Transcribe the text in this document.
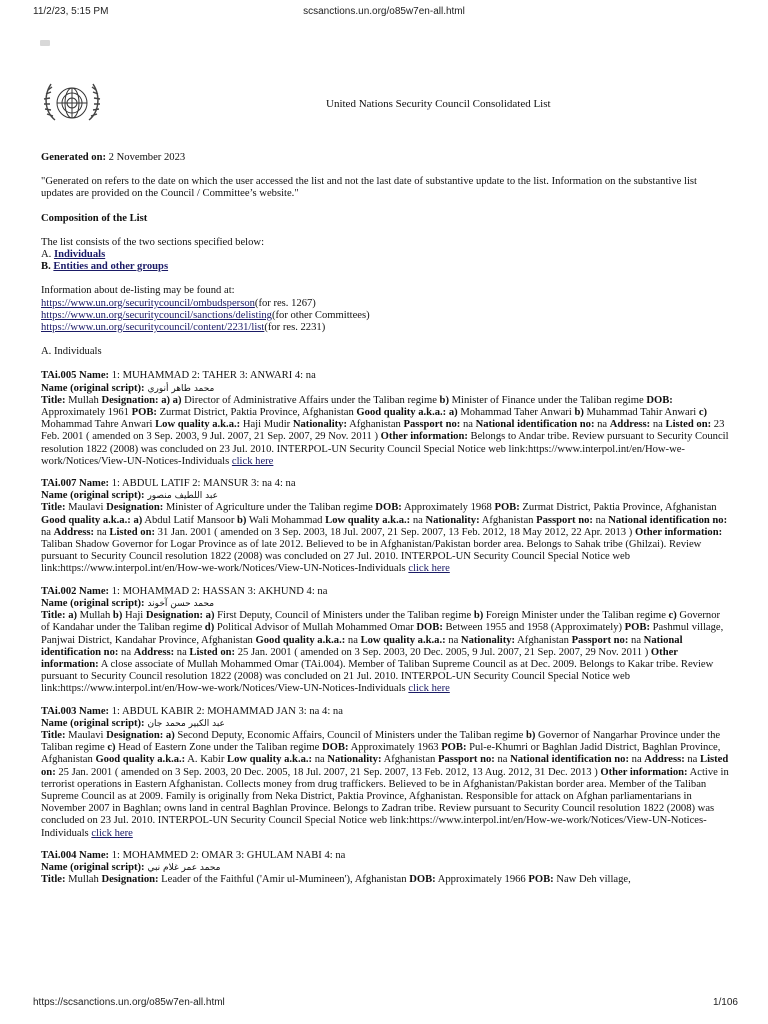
11/2/23, 5:15 PM	scsanctions.un.org/o85w7en-all.html
United Nations Security Council Consolidated List

Generated on: 2 November 2023

"Generated on refers to the date on which the user accessed the list and not the last date of substantive update to the list. Information on the substantive list updates are provided on the Council / Committee’s website."

Composition of the List

The list consists of the two sections specified below:
A. Individuals
B. Entities and other groups
Information about de-listing may be found at:
https://www.un.org/securitycouncil/ombudsperson(for res. 1267)
https://www.un.org/securitycouncil/sanctions/delisting(for other Committees)
https://www.un.org/securitycouncil/content/2231/list(for res. 2231)

A. Individuals

TAi.005 Name: 1: MUHAMMAD 2: TAHER 3: ANWARI 4: na
Name (original script): محمد طاهر أنوري
Title: Mullah Designation: a) a) Director of Administrative Affairs under the Taliban regime b) Minister of Finance under the Taliban regime DOB: Approximately 1961 POB: Zurmat District, Paktia Province, Afghanistan Good quality a.k.a.: a) Mohammad Taher Anwari b) Muhammad Tahir Anwari c) Mohammad Tahre Anwari Low quality a.k.a.: Haji Mudir Nationality: Afghanistan Passport no: na National identification no: na Address: na Listed on: 23 Feb. 2001 ( amended on 3 Sep. 2003, 9 Jul. 2007, 21 Sep. 2007, 29 Nov. 2011 ) Other information: Belongs to Andar tribe. Review pursuant to Security Council resolution 1822 (2008) was concluded on 23 Jul. 2010. INTERPOL-UN Security Council Special Notice web link:https://www.interpol.int/en/How-we-work/Notices/View-UN-Notices-Individuals click here
TAi.007 Name: 1: ABDUL LATIF 2: MANSUR 3: na 4: na
Name (original script): عبد اللطيف منصور
Title: Maulavi Designation: Minister of Agriculture under the Taliban regime DOB: Approximately 1968 POB: Zurmat District, Paktia Province, Afghanistan Good quality a.k.a.: a) Abdul Latif Mansoor b) Wali Mohammad Low quality a.k.a.: na Nationality: Afghanistan Passport no: na National identification no: na Address: na Listed on: 31 Jan. 2001 ( amended on 3 Sep. 2003, 18 Jul. 2007, 21 Sep. 2007, 13 Feb. 2012, 18 May 2012, 22 Apr. 2013 ) Other information: Taliban Shadow Governor for Logar Province as of late 2012. Believed to be in Afghanistan/Pakistan border area. Belongs to Sahak tribe (Ghilzai). Review pursuant to Security Council resolution 1822 (2008) was concluded on 27 Jul. 2010. INTERPOL-UN Security Council Special Notice web link:https://www.interpol.int/en/How-we-work/Notices/View-UN-Notices-Individuals click here
TAi.002 Name: 1: MOHAMMAD 2: HASSAN 3: AKHUND 4: na
Name (original script): محمد حسن آخوند
Title: a) Mullah b) Haji Designation: a) First Deputy, Council of Ministers under the Taliban regime b) Foreign Minister under the Taliban regime c) Governor of Kandahar under the Taliban regime d) Political Advisor of Mullah Mohammed Omar DOB: Between 1955 and 1958 (Approximately) POB: Pashmul village, Panjwai District, Kandahar Province, Afghanistan Good quality a.k.a.: na Low quality a.k.a.: na Nationality: Afghanistan Passport no: na National identification no: na Address: na Listed on: 25 Jan. 2001 ( amended on 3 Sep. 2003, 20 Dec. 2005, 9 Jul. 2007, 21 Sep. 2007, 29 Nov. 2011 ) Other information: A close associate of Mullah Mohammed Omar (TAi.004). Member of Taliban Supreme Council as at Dec. 2009. Belongs to Kakar tribe. Review pursuant to Security Council resolution 1822 (2008) was concluded on 21 Jul. 2010. INTERPOL-UN Security Council Special Notice web link:https://www.interpol.int/en/How-we-work/Notices/View-UN-Notices-Individuals click here
TAi.003 Name: 1: ABDUL KABIR 2: MOHAMMAD JAN 3: na 4: na
Name (original script): عبد الكبير محمد جان
Title: Maulavi Designation: a) Second Deputy, Economic Affairs, Council of Ministers under the Taliban regime b) Governor of Nangarhar Province under the Taliban regime c) Head of Eastern Zone under the Taliban regime DOB: Approximately 1963 POB: Pul-e-Khumri or Baghlan Jadid District, Baghlan Province, Afghanistan Good quality a.k.a.: A. Kabir Low quality a.k.a.: na Nationality: Afghanistan Passport no: na National identification no: na Address: na Listed on: 25 Jan. 2001 ( amended on 3 Sep. 2003, 20 Dec. 2005, 18 Jul. 2007, 21 Sep. 2007, 13 Feb. 2012, 13 Aug. 2012, 31 Dec. 2013 ) Other information: Active in terrorist operations in Eastern Afghanistan. Collects money from drug traffickers. Believed to be in Afghanistan/Pakistan border area. Member of the Taliban Supreme Council as at 2009. Family is originally from Neka District, Paktia Province, Afghanistan. Responsible for attack on Afghan parliamentarians in November 2007 in Baghlan; owns land in central Baghlan Province. Belongs to Zadran tribe. Review pursuant to Security Council resolution 1822 (2008) was concluded on 23 Jul. 2010. INTERPOL-UN Security Council Special Notice web link:https://www.interpol.int/en/How-we-work/Notices/View-UN-Notices-Individuals click here
TAi.004 Name: 1: MOHAMMED 2: OMAR 3: GHULAM NABI 4: na
Name (original script): محمد عمر غلام نبي
Title: Mullah Designation: Leader of the Faithful ('Amir ul-Mumineen'), Afghanistan DOB: Approximately 1966 POB: Naw Deh village,
https://scsanctions.un.org/o85w7en-all.html	1/106
